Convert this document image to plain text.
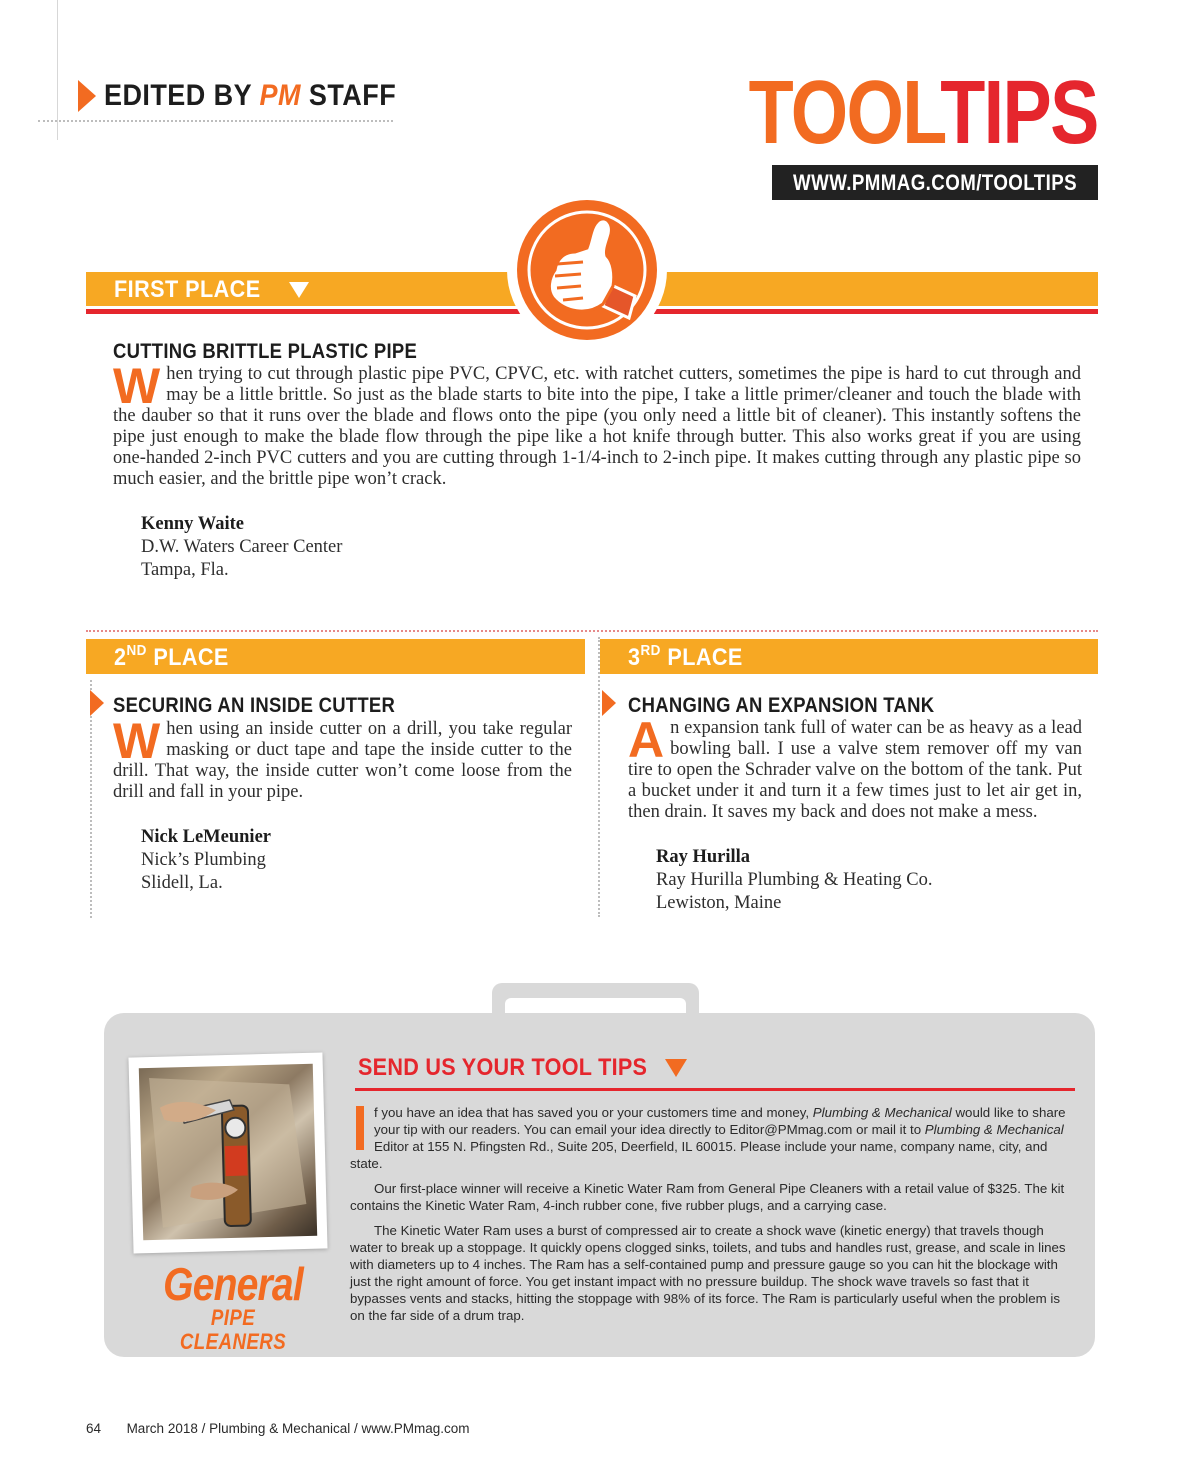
EDITED BY PM STAFF	TOOLTIPS
WWW.PMMAG.COM/TOOLTIPS
FIRST PLACE
CUTTING BRITTLE PLASTIC PIPE
When trying to cut through plastic pipe PVC, CPVC, etc. with ratchet cutters, sometimes the pipe is hard to cut through and may be a little brittle. So just as the blade starts to bite into the pipe, I take a little primer/cleaner and touch the blade with the dauber so that it runs over the blade and flows onto the pipe (you only need a little bit of cleaner). This instantly softens the pipe just enough to make the blade flow through the pipe like a hot knife through butter. This also works great if you are using one-handed 2-inch PVC cutters and you are cutting through 1-1/4-inch to 2-inch pipe. It makes cutting through any plastic pipe so much easier, and the brittle pipe won’t crack.
Kenny Waite
D.W. Waters Career Center
Tampa, Fla.
2ND PLACE	3RD PLACE
SECURING AN INSIDE CUTTER
When using an inside cutter on a drill, you take regular masking or duct tape and tape the inside cutter to the drill. That way, the inside cutter won’t come loose from the drill and fall in your pipe.
Nick LeMeunier
Nick’s Plumbing
Slidell, La.
CHANGING AN EXPANSION TANK
An expansion tank full of water can be as heavy as a lead bowling ball. I use a valve stem remover off my van tire to open the Schrader valve on the bottom of the tank. Put a bucket under it and turn it a few times just to let air get in, then drain. It saves my back and does not make a mess.
Ray Hurilla
Ray Hurilla Plumbing & Heating Co.
Lewiston, Maine
General
PIPE CLEANERS
SEND US YOUR TOOL TIPS

f you have an idea that has saved you or your customers time and money, Plumbing & Mechanical would like to share your tip with our readers. You can email your idea directly to Editor@PMmag.com or mail it to Plumbing & Mechanical Editor at 155 N. Pfingsten Rd., Suite 205, Deerfield, IL 60015. Please include your name, company name, city, and state.

Our first-place winner will receive a Kinetic Water Ram from General Pipe Cleaners with a retail value of $325. The kit contains the Kinetic Water Ram, 4-inch rubber cone, five rubber plugs, and a carrying case.

The Kinetic Water Ram uses a burst of compressed air to create a shock wave (kinetic energy) that travels though water to break up a stoppage. It quickly opens clogged sinks, toilets, and tubs and handles rust, grease, and scale in lines with diameters up to 4 inches. The Ram has a self-contained pump and pressure gauge so you can hit the blockage with just the right amount of force. You get instant impact with no pressure buildup. The shock wave travels so fast that it bypasses vents and stacks, hitting the stoppage with 98% of its force. The Ram is particularly useful when the problem is on the far side of a drum trap.

64 March 2018 / Plumbing & Mechanical / www.PMmag.com
